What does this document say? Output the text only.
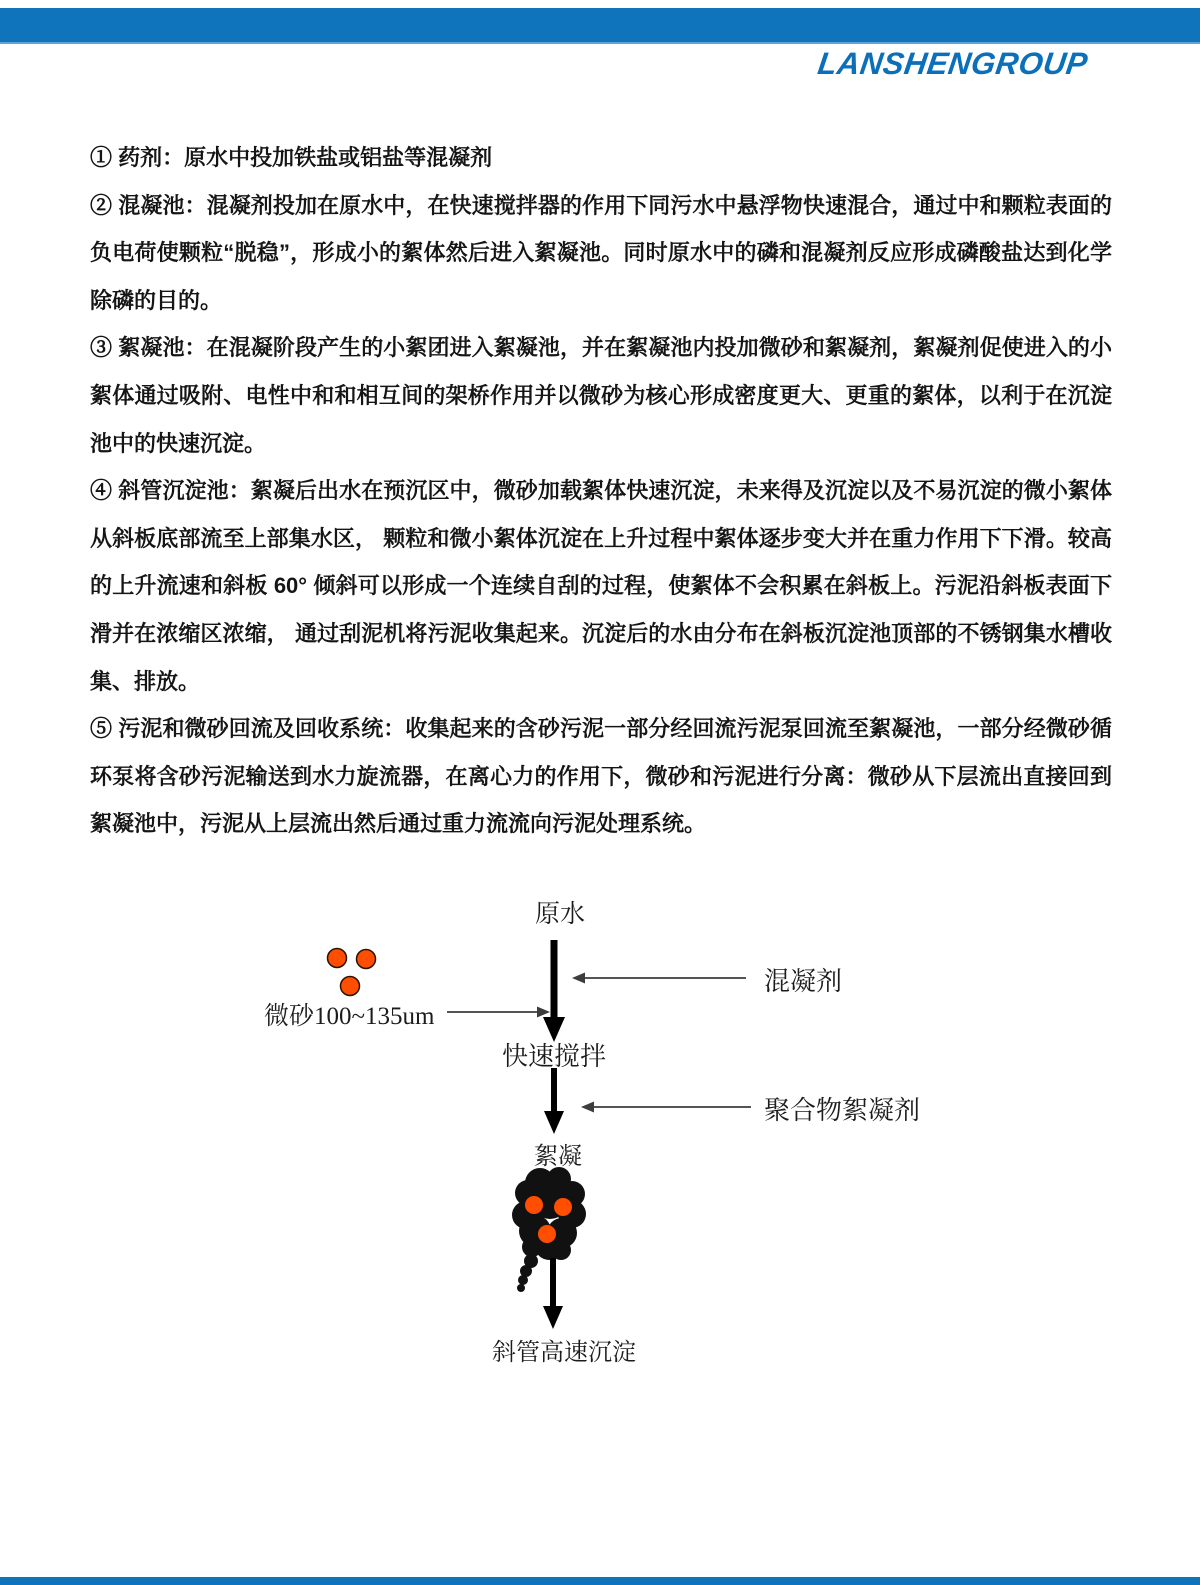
LANSHENGROUP

① 药剂：原水中投加铁盐或铝盐等混凝剂

② 混凝池：混凝剂投加在原水中，在快速搅拌器的作用下同污水中悬浮物快速混合，通过中和颗粒表面的负电荷使颗粒“脱稳”，形成小的絮体然后进入絮凝池。同时原水中的磷和混凝剂反应形成磷酸盐达到化学除磷的目的。

③ 絮凝池：在混凝阶段产生的小絮团进入絮凝池，并在絮凝池内投加微砂和絮凝剂，絮凝剂促使进入的小絮体通过吸附、电性中和和相互间的架桥作用并以微砂为核心形成密度更大、更重的絮体，以利于在沉淀池中的快速沉淀。

④ 斜管沉淀池：絮凝后出水在预沉区中，微砂加载絮体快速沉淀，未来得及沉淀以及不易沉淀的微小絮体从斜板底部流至上部集水区， 颗粒和微小絮体沉淀在上升过程中絮体逐步变大并在重力作用下下滑。较高的上升流速和斜板 60° 倾斜可以形成一个连续自刮的过程，使絮体不会积累在斜板上。污泥沿斜板表面下滑并在浓缩区浓缩， 通过刮泥机将污泥收集起来。沉淀后的水由分布在斜板沉淀池顶部的不锈钢集水槽收集、排放。

⑤ 污泥和微砂回流及回收系统：收集起来的含砂污泥一部分经回流污泥泵回流至絮凝池，一部分经微砂循环泵将含砂污泥输送到水力旋流器，在离心力的作用下，微砂和污泥进行分离：微砂从下层流出直接回到絮凝池中，污泥从上层流出然后通过重力流流向污泥处理系统。

原水
微砂100~135um
混凝剂
快速搅拌
聚合物絮凝剂
絮凝
斜管高速沉淀
